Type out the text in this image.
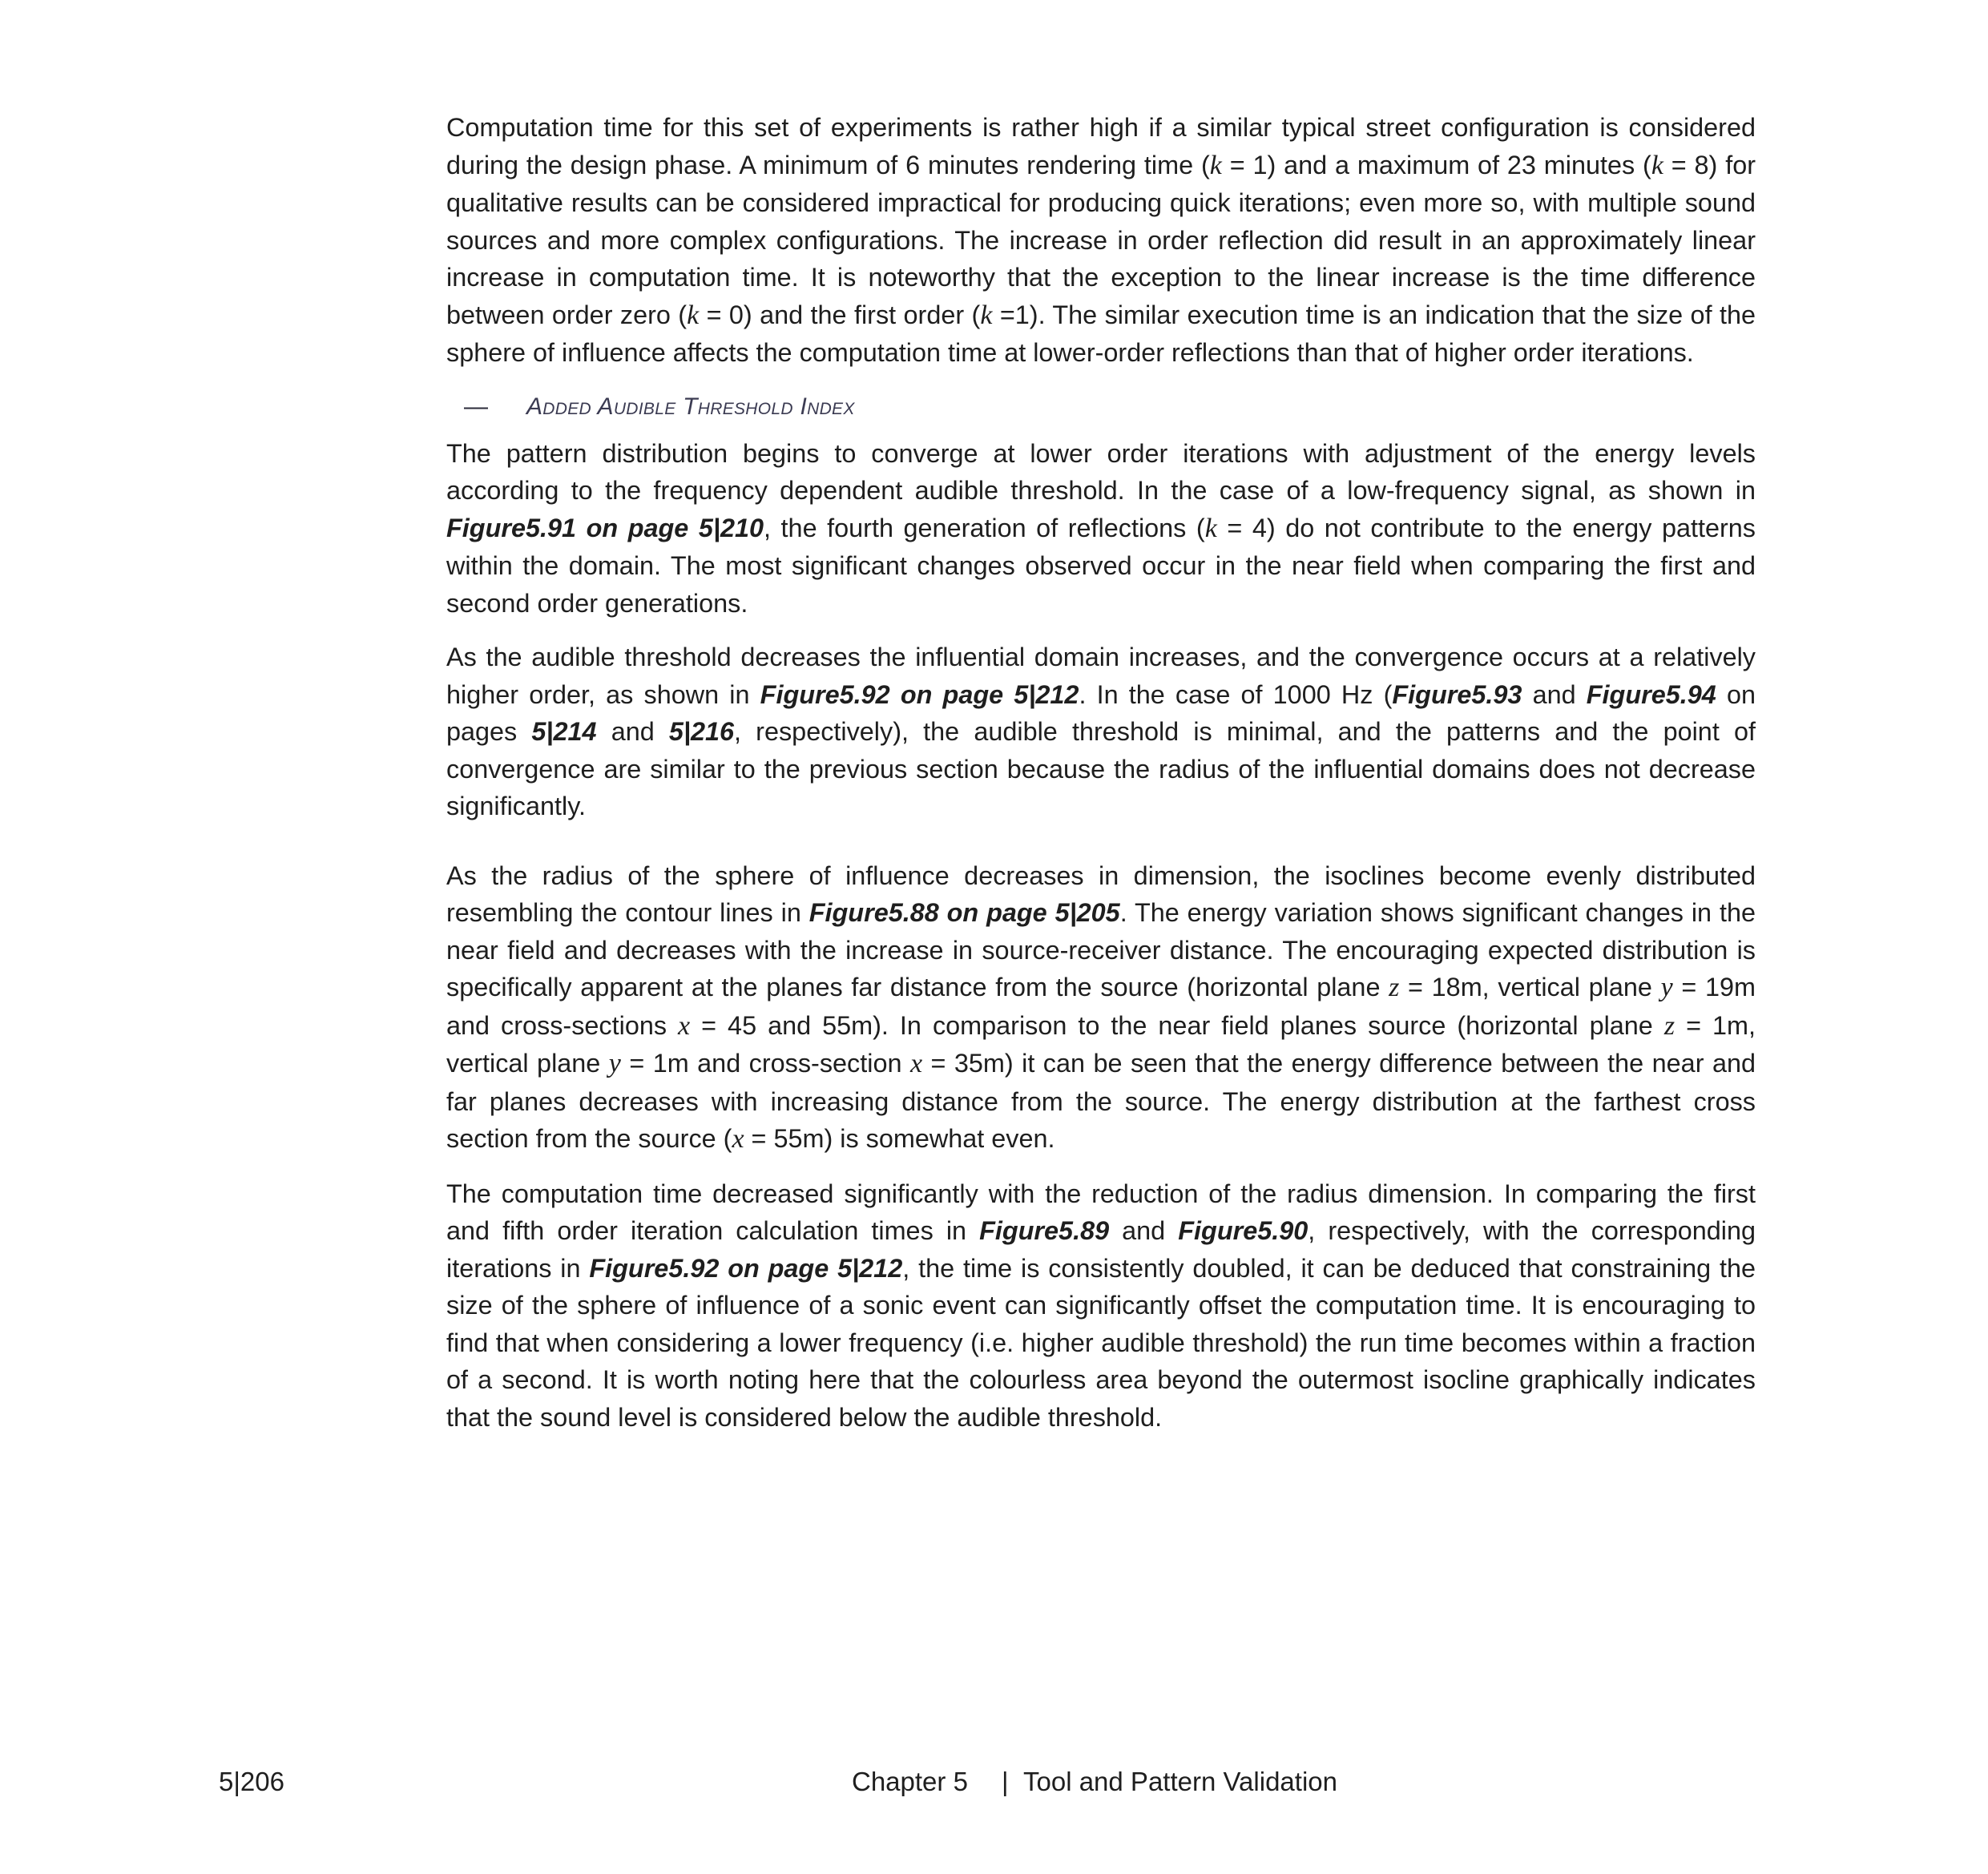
Computation time for this set of experiments is rather high if a similar typical street configuration is considered during the design phase. A minimum of 6 minutes rendering time (k = 1) and a maximum of 23 minutes (k = 8) for qualitative results can be considered impractical for producing quick iterations; even more so, with multiple sound sources and more complex configurations. The increase in order reflection did result in an approximately linear increase in computation time. It is noteworthy that the exception to the linear increase is the time difference between order zero (k = 0) and the first order (k =1). The similar execution time is an indication that the size of the sphere of influence affects the computation time at lower-order reflections than that of higher order iterations.

— Added Audible Threshold Index

The pattern distribution begins to converge at lower order iterations with adjustment of the energy levels according to the frequency dependent audible threshold. In the case of a low-frequency signal, as shown in Figure5.91 on page 5|210, the fourth generation of reflections (k = 4) do not contribute to the energy patterns within the domain. The most significant changes observed occur in the near field when comparing the first and second order generations.

As the audible threshold decreases the influential domain increases, and the convergence occurs at a relatively higher order, as shown in Figure5.92 on page 5|212. In the case of 1000 Hz (Figure5.93 and Figure5.94 on pages 5|214 and 5|216, respectively), the audible threshold is minimal, and the patterns and the point of convergence are similar to the previous section because the radius of the influential domains does not decrease significantly.

As the radius of the sphere of influence decreases in dimension, the isoclines become evenly distributed resembling the contour lines in Figure5.88 on page 5|205. The energy variation shows significant changes in the near field and decreases with the increase in source-receiver distance. The encouraging expected distribution is specifically apparent at the planes far distance from the source (horizontal plane z = 18m, vertical plane y = 19m and cross-sections x = 45 and 55m). In comparison to the near field planes source (horizontal plane z = 1m, vertical plane y = 1m and cross-section x = 35m) it can be seen that the energy difference between the near and far planes decreases with increasing distance from the source. The energy distribution at the farthest cross section from the source (x = 55m) is somewhat even.

The computation time decreased significantly with the reduction of the radius dimension. In comparing the first and fifth order iteration calculation times in Figure5.89 and Figure5.90, respectively, with the corresponding iterations in Figure5.92 on page 5|212, the time is consistently doubled, it can be deduced that constraining the size of the sphere of influence of a sonic event can significantly offset the computation time. It is encouraging to find that when considering a lower frequency (i.e. higher audible threshold) the run time becomes within a fraction of a second. It is worth noting here that the colourless area beyond the outermost isocline graphically indicates that the sound level is considered below the audible threshold.

5|206	Chapter 5 | Tool and Pattern Validation
